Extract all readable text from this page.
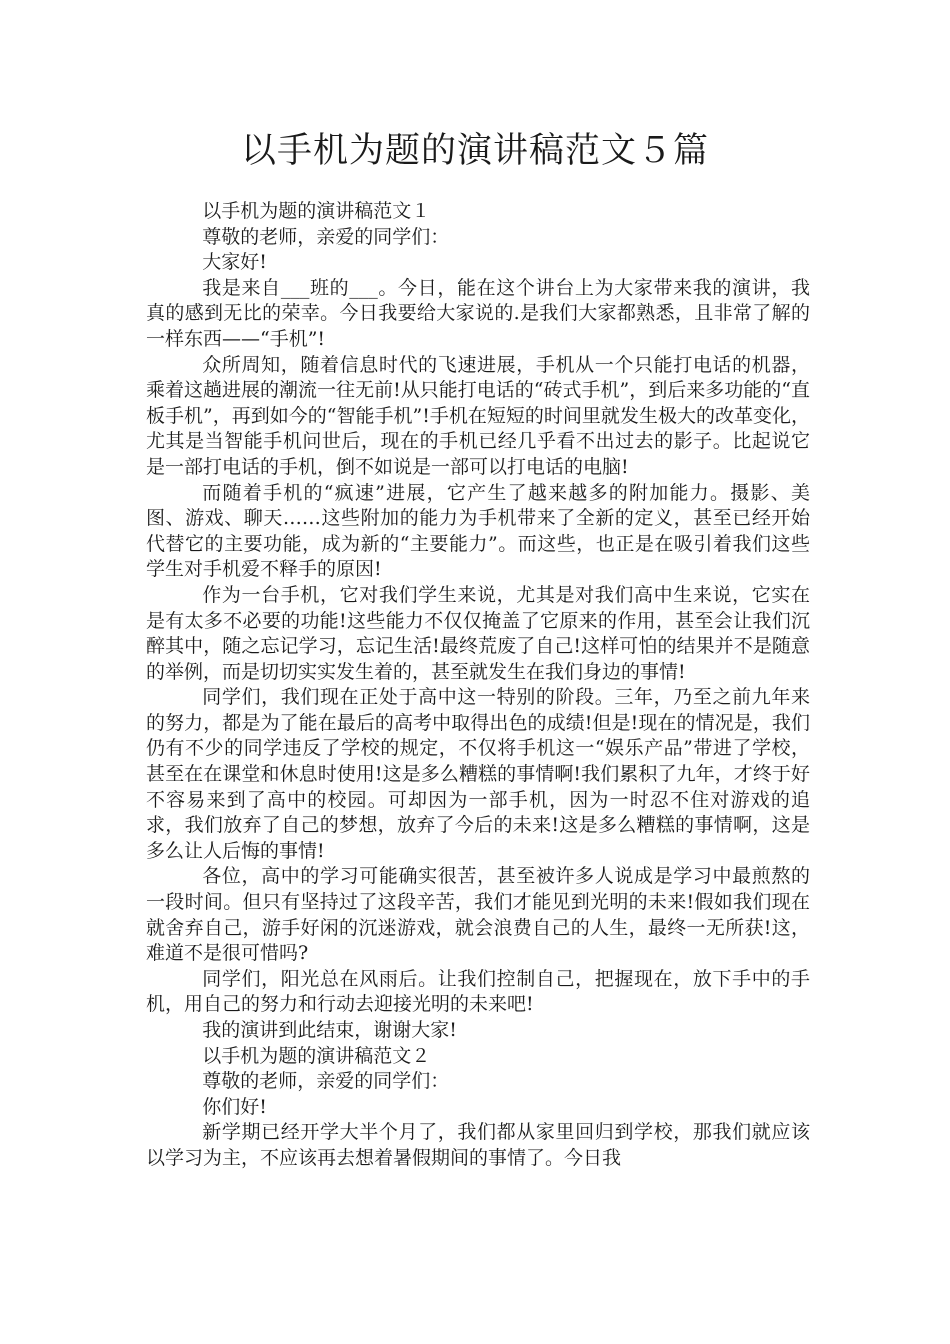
以手机为题的演讲稿范文５篇

以手机为题的演讲稿范文１

尊敬的老师，亲爱的同学们：

大家好!

我是来自___班的___。今日，能在这个讲台上为大家带来我的演讲，我真的感到无比的荣幸。今日我要给大家说的.是我们大家都熟悉，且非常了解的一样东西——“手机”!

众所周知，随着信息时代的飞速进展，手机从一个只能打电话的机器，乘着这趟进展的潮流一往无前!从只能打电话的“砖式手机”，到后来多功能的“直板手机”，再到如今的“智能手机”!手机在短短的时间里就发生极大的改革变化，尤其是当智能手机问世后，现在的手机已经几乎看不出过去的影子。比起说它是一部打电话的手机，倒不如说是一部可以打电话的电脑!

而随着手机的“疯速”进展，它产生了越来越多的附加能力。摄影、美图、游戏、聊天……这些附加的能力为手机带来了全新的定义，甚至已经开始代替它的主要功能，成为新的“主要能力”。而这些，也正是在吸引着我们这些学生对手机爱不释手的原因!

作为一台手机，它对我们学生来说，尤其是对我们高中生来说，它实在是有太多不必要的功能!这些能力不仅仅掩盖了它原来的作用，甚至会让我们沉醉其中，随之忘记学习，忘记生活!最终荒废了自己!这样可怕的结果并不是随意的举例，而是切切实实发生着的，甚至就发生在我们身边的事情!

同学们，我们现在正处于高中这一特别的阶段。三年，乃至之前九年来的努力，都是为了能在最后的高考中取得出色的成绩!但是!现在的情况是，我们仍有不少的同学违反了学校的规定，不仅将手机这一“娱乐产品”带进了学校，甚至在在课堂和休息时使用!这是多么糟糕的事情啊!我们累积了九年，才终于好不容易来到了高中的校园。可却因为一部手机，因为一时忍不住对游戏的追求，我们放弃了自己的梦想，放弃了今后的未来!这是多么糟糕的事情啊，这是多么让人后悔的事情!

各位，高中的学习可能确实很苦，甚至被许多人说成是学习中最煎熬的一段时间。但只有坚持过了这段辛苦，我们才能见到光明的未来!假如我们现在就舍弃自己，游手好闲的沉迷游戏，就会浪费自己的人生，最终一无所获!这，难道不是很可惜吗?

同学们，阳光总在风雨后。让我们控制自己，把握现在，放下手中的手机，用自己的努力和行动去迎接光明的未来吧!

我的演讲到此结束，谢谢大家!

以手机为题的演讲稿范文２

尊敬的老师，亲爱的同学们：

你们好!

新学期已经开学大半个月了，我们都从家里回归到学校，那我们就应该以学习为主，不应该再去想着暑假期间的事情了。今日我
